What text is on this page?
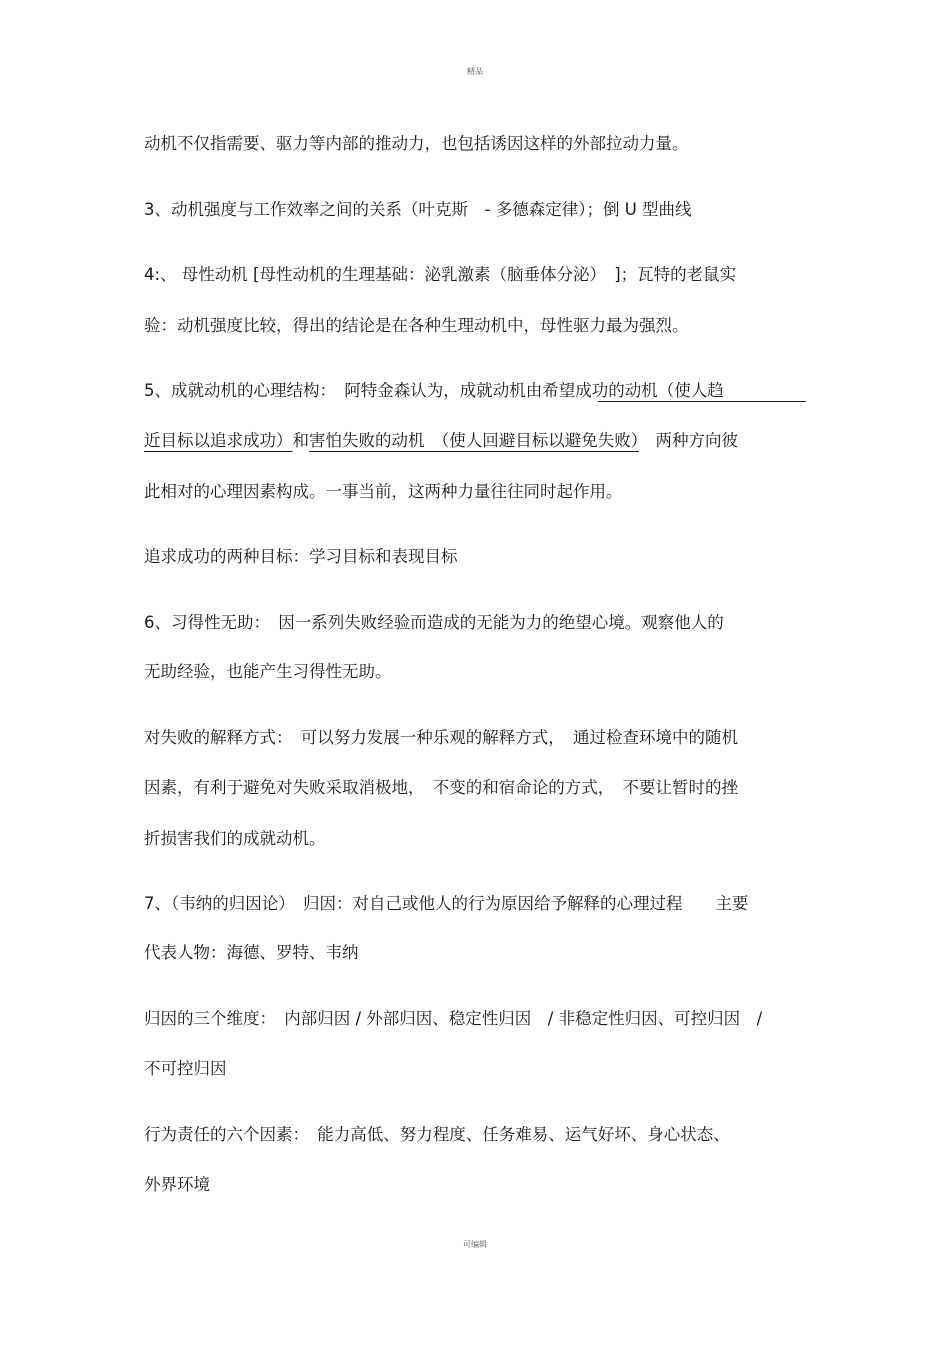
精品
动机不仅指需要、驱力等内部的推动力，也包括诱因这样的外部拉动力量。
3、动机强度与工作效率之间的关系（叶克斯　- 多德森定律）；倒 U 型曲线
4:、 母性动机 [母性动机的生理基础：泌乳激素（脑垂体分泌）　]；瓦特的老鼠实
验：动机强度比较，得出的结论是在各种生理动机中，母性驱力最为强烈。
5、成就动机的心理结构：　阿特金森认为，成就动机由希望成功的动机（使人趋
近目标以追求成功）和害怕失败的动机　（使人回避目标以避免失败）　两种方向彼
此相对的心理因素构成。一事当前，这两种力量往往同时起作用。
追求成功的两种目标：学习目标和表现目标
6、习得性无助：　因一系列失败经验而造成的无能为力的绝望心境。观察他人的
无助经验，也能产生习得性无助。
对失败的解释方式：　可以努力发展一种乐观的解释方式，　通过检查环境中的随机
因素，有利于避免对失败采取消极地，　不变的和宿命论的方式，　不要让暂时的挫
折损害我们的成就动机。
7、（韦纳的归因论）　归因：对自己或他人的行为原因给予解释的心理过程　　主要
代表人物：海德、罗特、韦纳
归因的三个维度：　内部归因 / 外部归因、稳定性归因　/ 非稳定性归因、可控归因　/
不可控归因
行为责任的六个因素：　能力高低、努力程度、任务难易、运气好坏、身心状态、
外界环境
可编辑
